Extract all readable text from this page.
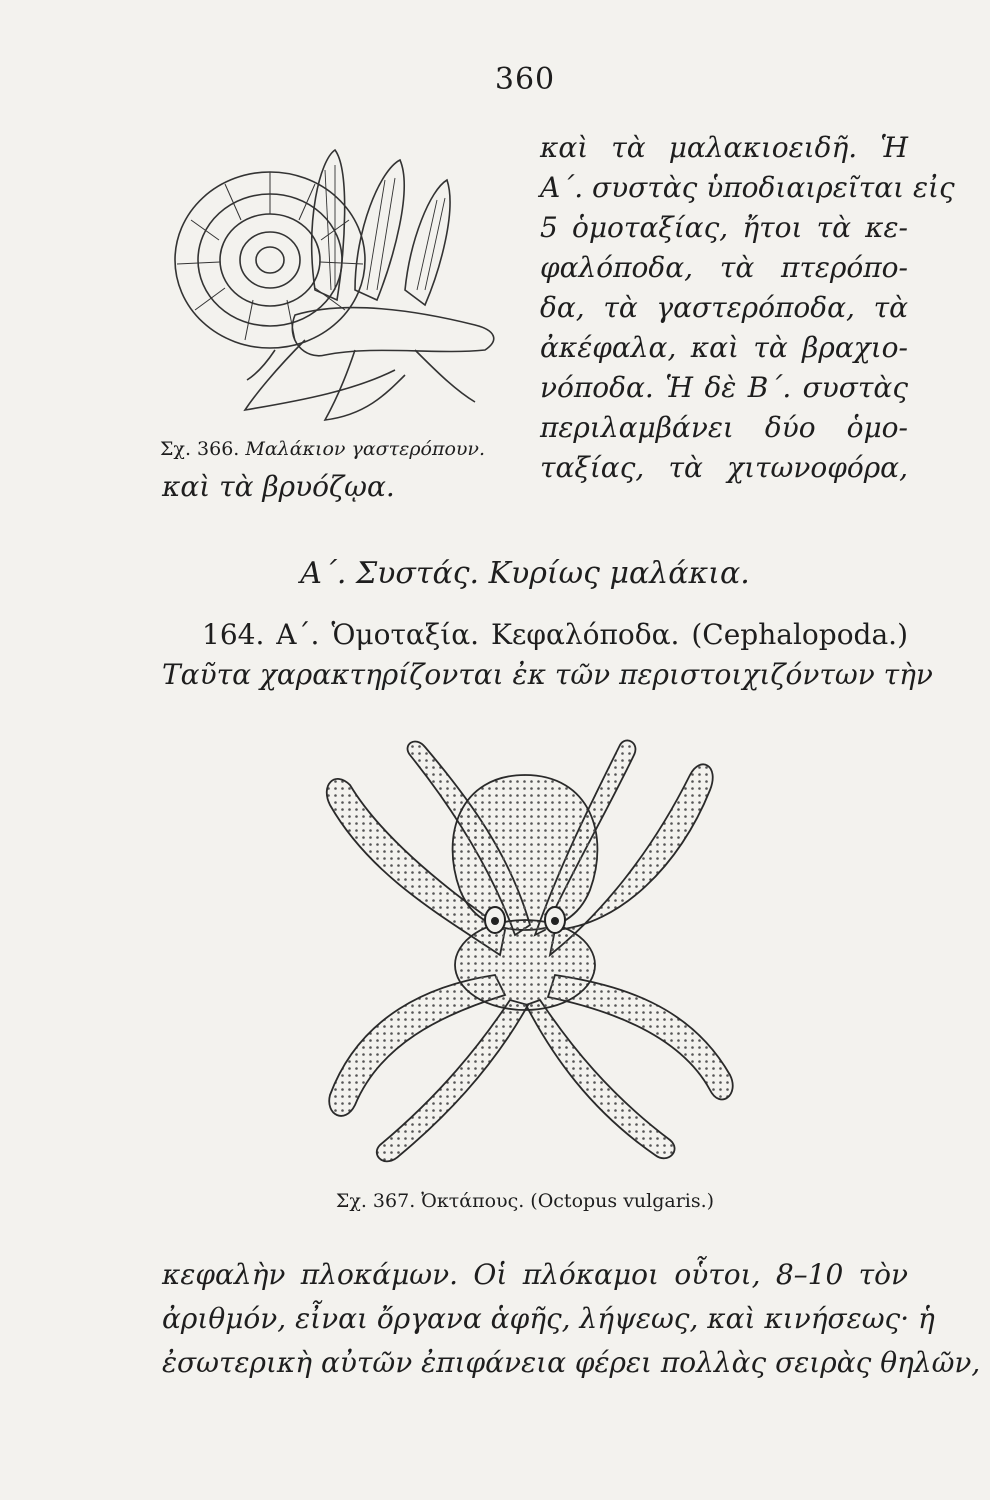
360
Σχ. 366. Μαλάκιον γαστερόπουν.
καὶ τὰ μαλακιοειδῆ. Ἡ
Α΄. συστὰς ὑποδιαιρεῖται εἰς
5 ὁμοταξίας, ἤτοι τὰ κε-
φαλόποδα, τὰ πτερόπο-
δα, τὰ γαστερόποδα, τὰ
ἀκέφαλα, καὶ τὰ βραχιο-
νόποδα. Ἡ δὲ Β΄. συστὰς
περιλαμβάνει δύο ὁμο-
ταξίας, τὰ χιτωνοφόρα,
καὶ τὰ βρυόζῳα.
Α΄. Συστάς. Κυρίως μαλάκια.
164. Α΄. Ὁμοταξία. Κεφαλόποδα. (Cephalopoda.)
Ταῦτα χαρακτηρίζονται ἐκ τῶν περιστοιχιζόντων τὴν
Σχ. 367. Ὀκτάπους. (Octopus vulgaris.)
κεφαλὴν πλοκάμων. Οἱ πλόκαμοι οὗτοι, 8–10 τὸν
ἀριθμόν, εἶναι ὄργανα ἁφῆς, λήψεως, καὶ κινήσεως· ἡ
ἐσωτερικὴ αὐτῶν ἐπιφάνεια φέρει πολλὰς σειρὰς θηλῶν,
